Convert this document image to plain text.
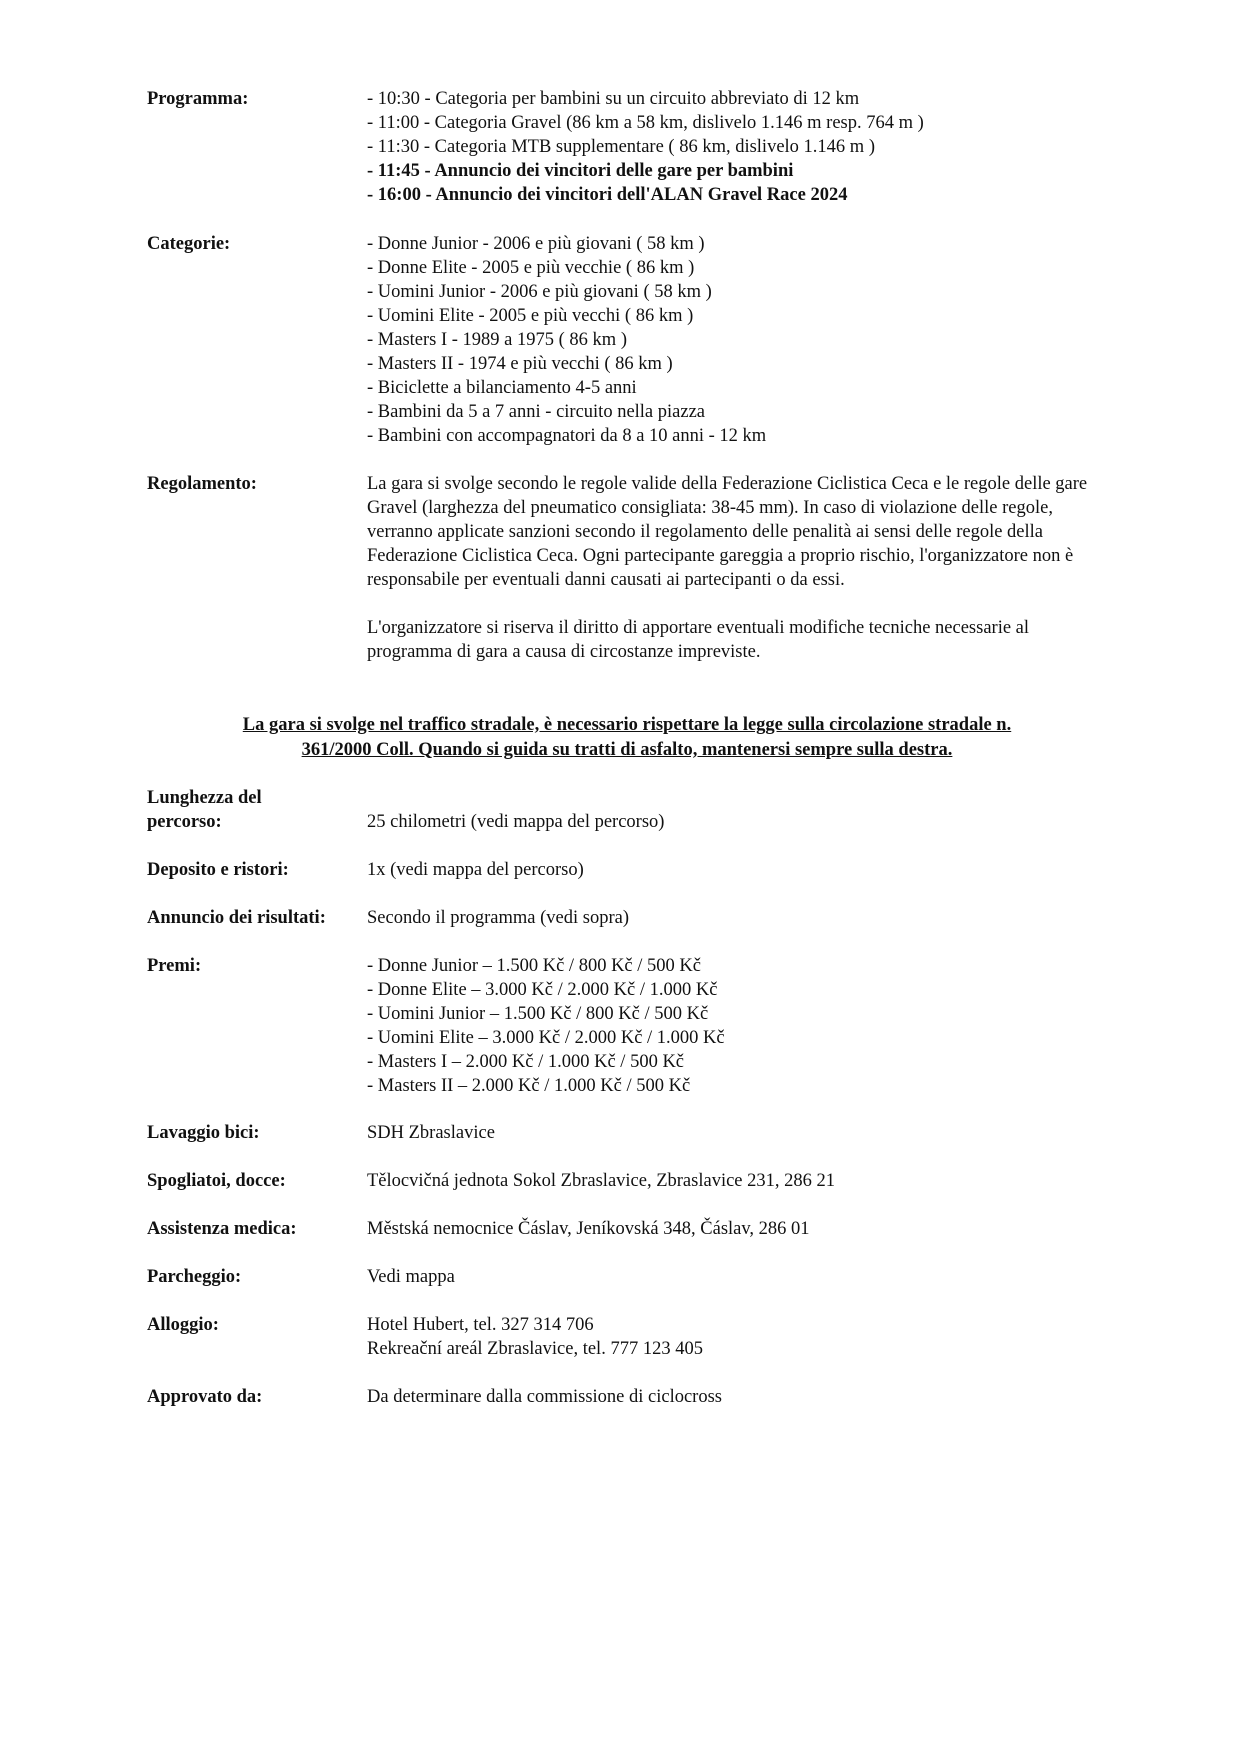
Programma:	- 10:30 - Categoria per bambini su un circuito abbreviato di 12 km
- 11:00 - Categoria Gravel (86 km a 58 km, dislivelo 1.146 m resp. 764 m )
- 11:30 - Categoria MTB supplementare ( 86 km, dislivelo 1.146 m )
- 11:45 - Annuncio dei vincitori delle gare per bambini
- 16:00 - Annuncio dei vincitori dell'ALAN Gravel Race 2024
Categorie:	- Donne Junior - 2006 e più giovani ( 58 km )
- Donne Elite - 2005 e più vecchie ( 86 km )
- Uomini Junior - 2006 e più giovani ( 58 km )
- Uomini Elite - 2005 e più vecchi ( 86 km )
- Masters I - 1989 a 1975 ( 86 km )
- Masters II - 1974 e più vecchi ( 86 km )
- Biciclette a bilanciamento 4-5 anni
- Bambini da 5 a 7 anni - circuito nella piazza
- Bambini con accompagnatori da 8 a 10 anni - 12 km
Regolamento:	La gara si svolge secondo le regole valide della Federazione Ciclistica Ceca e le regole delle gare Gravel (larghezza del pneumatico consigliata: 38-45 mm). In caso di violazione delle regole, verranno applicate sanzioni secondo il regolamento delle penalità ai sensi delle regole della Federazione Ciclistica Ceca. Ogni partecipante gareggia a proprio rischio, l'organizzatore non è responsabile per eventuali danni causati ai partecipanti o da essi.
L'organizzatore si riserva il diritto di apportare eventuali modifiche tecniche necessarie al programma di gara a causa di circostanze impreviste.
La gara si svolge nel traffico stradale, è necessario rispettare la legge sulla circolazione stradale n.
361/2000 Coll. Quando si guida su tratti di asfalto, mantenersi sempre sulla destra.
Lunghezza del
percorso:	25 chilometri (vedi mappa del percorso)
Deposito e ristori:	1x (vedi mappa del percorso)
Annuncio dei risultati:	Secondo il programma (vedi sopra)
Premi:	- Donne Junior – 1.500 Kč / 800 Kč / 500 Kč
- Donne Elite – 3.000 Kč / 2.000 Kč / 1.000 Kč
- Uomini Junior – 1.500 Kč / 800 Kč / 500 Kč
- Uomini Elite – 3.000 Kč / 2.000 Kč / 1.000 Kč
- Masters I – 2.000 Kč / 1.000 Kč / 500 Kč
- Masters II – 2.000 Kč / 1.000 Kč / 500 Kč
Lavaggio bici:	SDH Zbraslavice
Spogliatoi, docce:	Tělocvičná jednota Sokol Zbraslavice, Zbraslavice 231, 286 21
Assistenza medica:	Městská nemocnice Čáslav, Jeníkovská 348, Čáslav, 286 01
Parcheggio:	Vedi mappa
Alloggio:	Hotel Hubert, tel. 327 314 706
Rekreační areál Zbraslavice, tel. 777 123 405
Approvato da:	Da determinare dalla commissione di ciclocross
